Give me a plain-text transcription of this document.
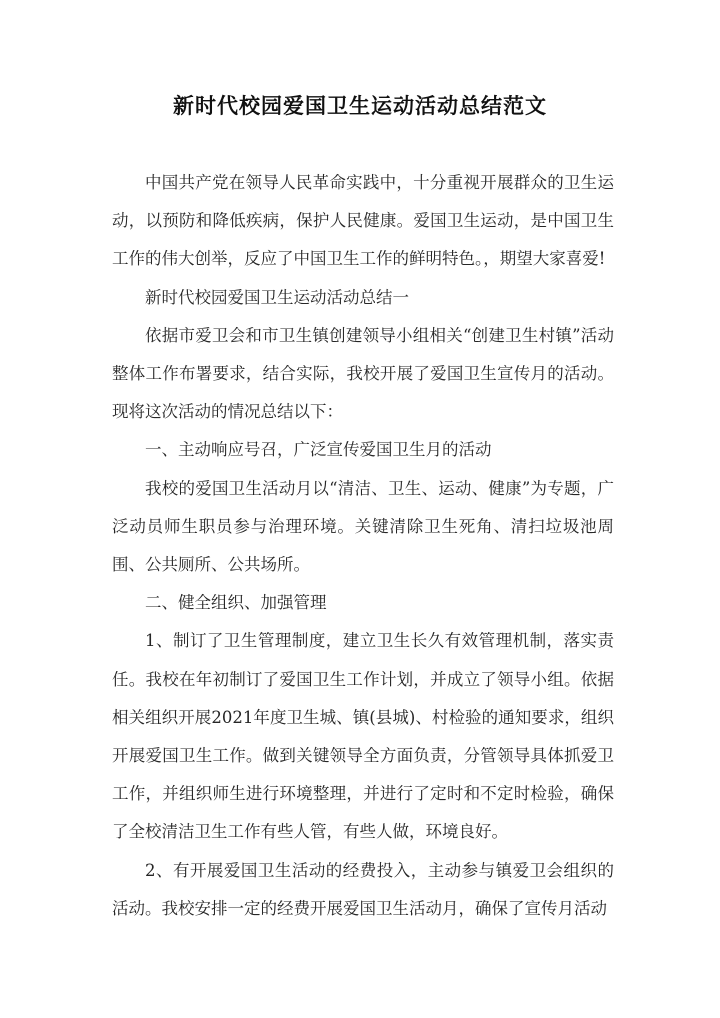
新时代校园爱国卫生运动活动总结范文

中国共产党在领导人民革命实践中，十分重视开展群众的卫生运动，以预防和降低疾病，保护人民健康。爱国卫生运动，是中国卫生工作的伟大创举，反应了中国卫生工作的鲜明特色。，期望大家喜爱!

新时代校园爱国卫生运动活动总结一

依据市爱卫会和市卫生镇创建领导小组相关“创建卫生村镇”活动整体工作布署要求，结合实际，我校开展了爱国卫生宣传月的活动。现将这次活动的情况总结以下：

一、主动响应号召，广泛宣传爱国卫生月的活动

我校的爱国卫生活动月以“清洁、卫生、运动、健康”为专题，广泛动员师生职员参与治理环境。关键清除卫生死角、清扫垃圾池周围、公共厕所、公共场所。

二、健全组织、加强管理

1、制订了卫生管理制度，建立卫生长久有效管理机制，落实责任。我校在年初制订了爱国卫生工作计划，并成立了领导小组。依据相关组织开展2021年度卫生城、镇(县城)、村检验的通知要求，组织开展爱国卫生工作。做到关键领导全方面负责，分管领导具体抓爱卫工作，并组织师生进行环境整理，并进行了定时和不定时检验，确保了全校清洁卫生工作有些人管，有些人做，环境良好。

2、有开展爱国卫生活动的经费投入，主动参与镇爱卫会组织的活动。我校安排一定的经费开展爱国卫生活动月，确保了宣传月活动
